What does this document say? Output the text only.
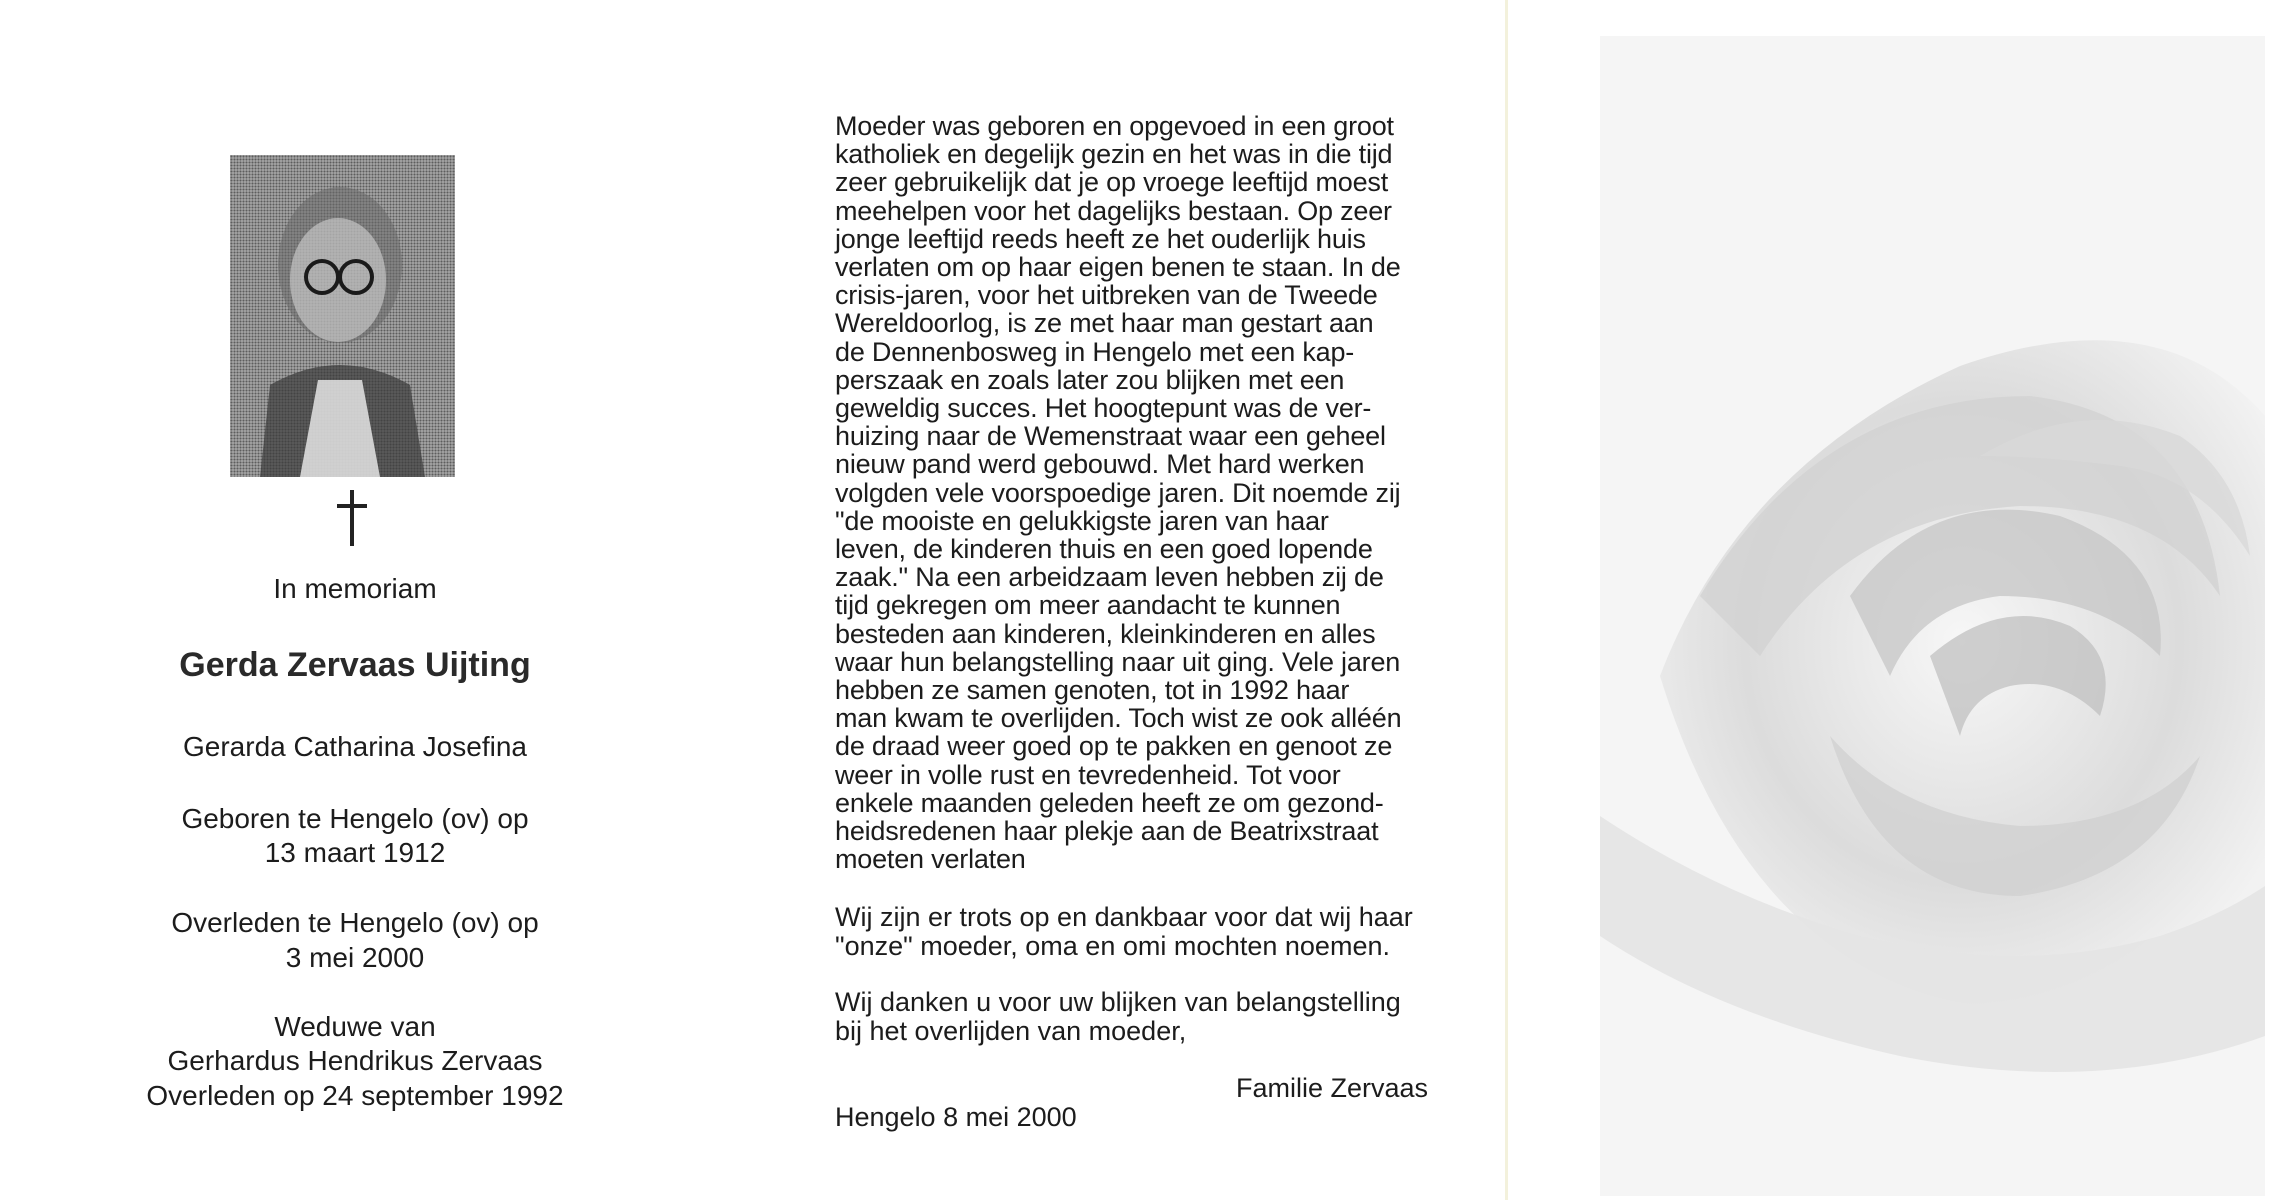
In memoriam
Gerda Zervaas Uijting
Gerarda Catharina Josefina
Geboren te Hengelo (ov) op
13 maart 1912
Overleden te Hengelo (ov) op
3 mei 2000
Weduwe van
Gerhardus Hendrikus Zervaas
Overleden op 24 september 1992
Moeder was geboren en opgevoed in een groot
katholiek en degelijk gezin en het was in die tijd
zeer gebruikelijk dat je op vroege leeftijd moest
meehelpen voor het dagelijks bestaan. Op zeer
jonge leeftijd reeds heeft ze het ouderlijk huis
verlaten om op haar eigen benen te staan. In de
crisis-jaren, voor het uitbreken van de Tweede
Wereldoorlog, is ze met haar man gestart aan
de Dennenbosweg in Hengelo met een kap-
perszaak en zoals later zou blijken met een
geweldig succes. Het hoogtepunt was de ver-
huizing naar de Wemenstraat waar een geheel
nieuw pand werd gebouwd. Met hard werken
volgden vele voorspoedige jaren. Dit noemde zij
"de mooiste en gelukkigste jaren van haar
leven, de kinderen thuis en een goed lopende
zaak." Na een arbeidzaam leven hebben zij de
tijd gekregen om meer aandacht te kunnen
besteden aan kinderen, kleinkinderen en alles
waar hun belangstelling naar uit ging. Vele jaren
hebben ze samen genoten, tot in 1992 haar
man kwam te overlijden. Toch wist ze ook alléén
de draad weer goed op te pakken en genoot ze
weer in volle rust en tevredenheid. Tot voor
enkele maanden geleden heeft ze om gezond-
heidsredenen haar plekje aan de Beatrixstraat
moeten verlaten
Wij zijn er trots op en dankbaar voor dat wij haar
"onze" moeder, oma en omi mochten noemen.
Wij danken u voor uw blijken van belangstelling
bij het overlijden van moeder,
Familie Zervaas
Hengelo 8 mei 2000
